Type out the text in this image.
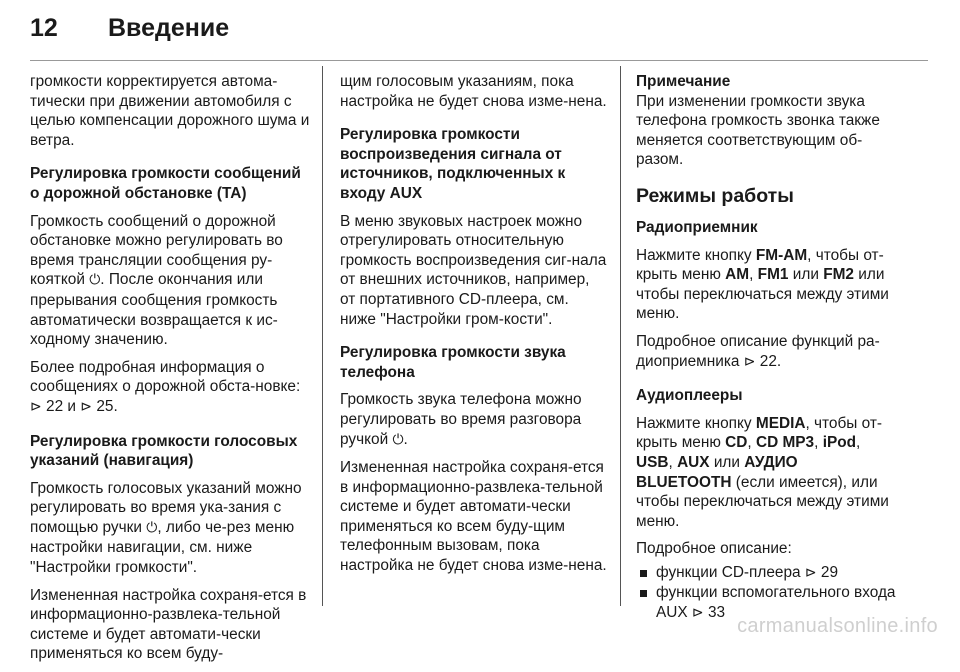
12	Введение

громкости корректируется автома-тически при движении автомобиля с целью компенсации дорожного шума и ветра.

Регулировка громкости сообщений о дорожной обстановке (TA)

Громкость сообщений о дорожной обстановке можно регулировать во время трансляции сообщения ру-кояткой ⏻. После окончания или прерывания сообщения громкость автоматически возвращается к ис-ходному значению.

Более подробная информация о сообщениях о дорожной обста-новке: ⊳ 22 и ⊳ 25.

Регулировка громкости голосовых указаний (навигация)

Громкость голосовых указаний можно регулировать во время ука-зания с помощью ручки ⏻, либо че-рез меню настройки навигации, см. ниже "Настройки громкости".

Измененная настройка сохраня-ется в информационно-развлека-тельной системе и будет автомати-чески применяться ко всем буду-

щим голосовым указаниям, пока настройка не будет снова изме-нена.

Регулировка громкости воспроизведения сигнала от источников, подключенных к входу AUX

В меню звуковых настроек можно отрегулировать относительную громкость воспроизведения сиг-нала от внешних источников, например, от портативного CD-плеера, см. ниже "Настройки гром-кости".

Регулировка громкости звука телефона

Громкость звука телефона можно регулировать во время разговора ручкой ⏻.

Измененная настройка сохраня-ется в информационно-развлека-тельной системе и будет автомати-чески применяться ко всем буду-щим телефонным вызовам, пока настройка не будет снова изме-нена.

Примечание

При изменении громкости звука телефона громкость звонка также меняется соответствующим об-разом.

Режимы работы

Радиоприемник

Нажмите кнопку FM-AM, чтобы от-крыть меню AM, FM1 или FM2 или чтобы переключаться между этими меню.

Подробное описание функций ра-диоприемника ⊳ 22.

Аудиоплееры

Нажмите кнопку MEDIA, чтобы от-крыть меню CD, CD MP3, iPod,
USB, AUX или АУДИО
BLUETOOTH (если имеется), или чтобы переключаться между этими меню.

Подробное описание:

функции CD-плеера ⊳ 29
функции вспомогательного входа AUX ⊳ 33
carmanualsonline.info
